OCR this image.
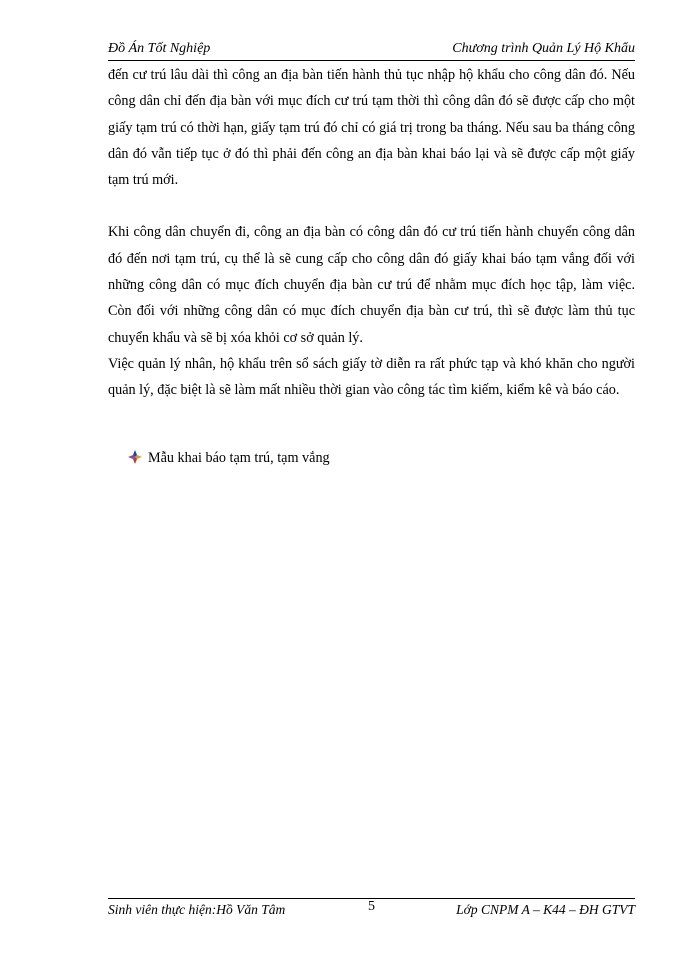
Đồ Án Tốt Nghiệp	Chương trình Quản Lý Hộ Khẩu

đến cư trú lâu dài thì công an địa bàn tiến hành thủ tục nhập hộ khẩu cho công dân đó. Nếu công dân chỉ đến địa bàn với mục đích cư trú tạm thời thì công dân đó sẽ được cấp cho một giấy tạm trú có thời hạn, giấy tạm trú đó chỉ có giá trị trong ba tháng. Nếu sau ba tháng công dân đó vẫn tiếp tục ở đó thì phải đến công an địa bàn khai báo lại và sẽ được cấp một giấy tạm trú mới.

Khi công dân chuyển đi, công an địa bàn có công dân đó cư trú tiến hành chuyển công dân đó đến nơi tạm trú, cụ thể là sẽ cung cấp cho công dân đó giấy khai báo tạm vắng đối với những công dân có mục đích chuyển địa bàn cư trú để nhằm mục đích học tập, làm việc. Còn đối với những công dân có mục đích chuyển địa bàn cư trú, thì sẽ được làm thủ tục chuyển khẩu và sẽ bị xóa khỏi cơ sở quản lý.

Việc quản lý nhân, hộ khẩu trên sổ sách giấy tờ diễn ra rất phức tạp và khó khăn cho người quản lý, đặc biệt là sẽ làm mất nhiều thời gian vào công tác tìm kiếm, kiểm kê và báo cáo.

Mẫu khai báo tạm trú, tạm vắng
Sinh viên thực hiện:Hồ Văn Tâm	5	Lớp CNPM A – K44 – ĐH GTVT
